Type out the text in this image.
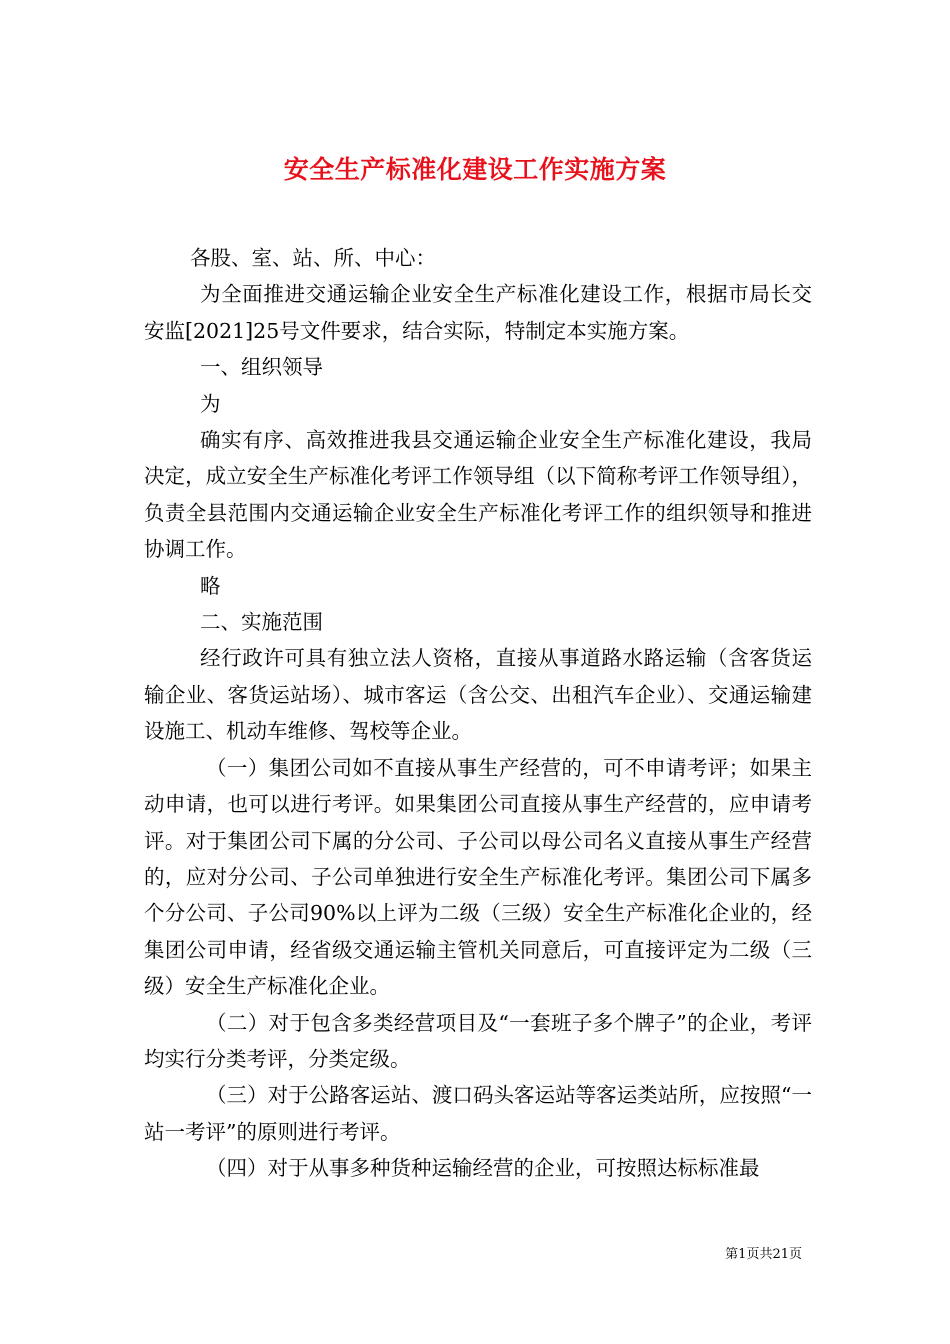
安全生产标准化建设工作实施方案

各股、室、站、所、中心：

为全面推进交通运输企业安全生产标准化建设工作，根据市局长交安监[2021]25号文件要求，结合实际，特制定本实施方案。

一、组织领导

为

确实有序、高效推进我县交通运输企业安全生产标准化建设，我局决定，成立安全生产标准化考评工作领导组（以下简称考评工作领导组），负责全县范围内交通运输企业安全生产标准化考评工作的组织领导和推进协调工作。

略

二、实施范围

经行政许可具有独立法人资格，直接从事道路水路运输（含客货运输企业、客货运站场）、城市客运（含公交、出租汽车企业）、交通运输建设施工、机动车维修、驾校等企业。

（一）集团公司如不直接从事生产经营的，可不申请考评；如果主动申请，也可以进行考评。如果集团公司直接从事生产经营的，应申请考评。对于集团公司下属的分公司、子公司以母公司名义直接从事生产经营的，应对分公司、子公司单独进行安全生产标准化考评。集团公司下属多个分公司、子公司90%以上评为二级（三级）安全生产标准化企业的，经集团公司申请，经省级交通运输主管机关同意后，可直接评定为二级（三级）安全生产标准化企业。

（二）对于包含多类经营项目及“一套班子多个牌子”的企业，考评均实行分类考评，分类定级。

（三）对于公路客运站、渡口码头客运站等客运类站所，应按照“一站一考评”的原则进行考评。

（四）对于从事多种货种运输经营的企业，可按照达标标准最

第1页共21页
